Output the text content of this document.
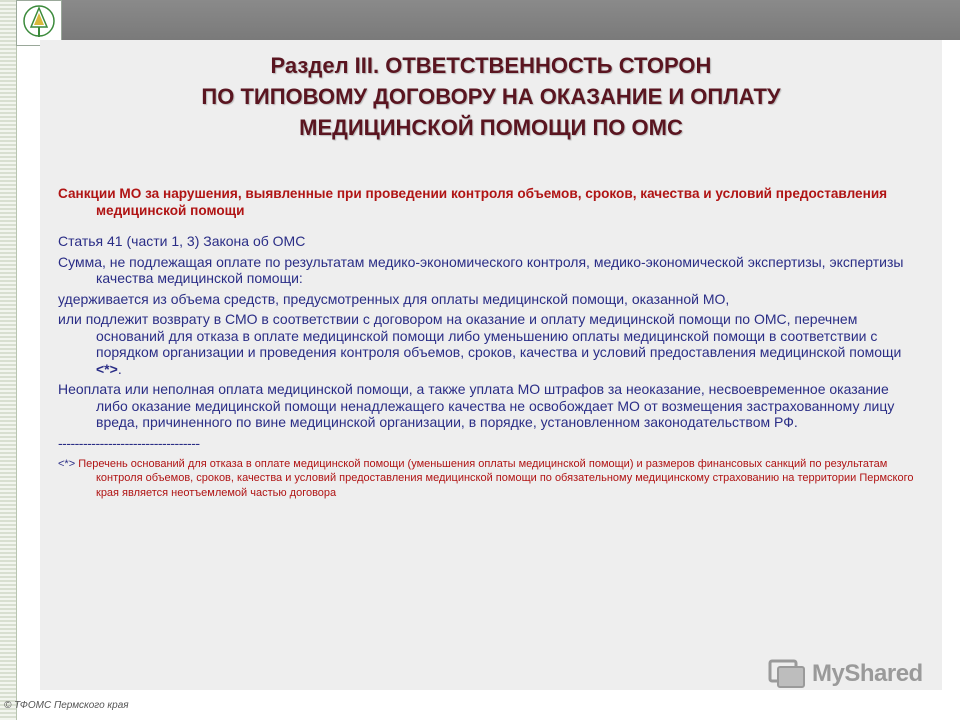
Раздел III. ОТВЕТСТВЕННОСТЬ СТОРОН
ПО ТИПОВОМУ ДОГОВОРУ НА ОКАЗАНИЕ И ОПЛАТУ
МЕДИЦИНСКОЙ ПОМОЩИ ПО ОМС

Санкции МО за нарушения, выявленные при проведении контроля объемов, сроков, качества и условий предоставления медицинской помощи

Статья 41 (части 1, 3) Закона об ОМС

Сумма, не подлежащая оплате по результатам медико-экономического контроля, медико-экономической экспертизы, экспертизы качества медицинской помощи:

удерживается из объема средств, предусмотренных для оплаты медицинской помощи, оказанной МО,

или подлежит возврату в СМО в соответствии с договором на оказание и оплату медицинской помощи по ОМС, перечнем оснований для отказа в оплате медицинской помощи либо уменьшению оплаты медицинской помощи в соответствии с порядком организации и проведения контроля объемов, сроков, качества и условий предоставления медицинской помощи <*>.

Неоплата или неполная оплата медицинской помощи, а также уплата МО штрафов за неоказание, несвоевременное оказание либо оказание медицинской помощи ненадлежащего качества не освобождает МО от возмещения застрахованному лицу вреда, причиненного по вине медицинской организации, в порядке, установленном законодательством РФ.

----------------------------------

<*> Перечень оснований для отказа в оплате медицинской помощи (уменьшения оплаты медицинской помощи) и размеров финансовых санкций по результатам контроля объемов, сроков, качества и условий предоставления медицинской помощи по обязательному медицинскому страхованию на территории Пермского края является неотъемлемой частью договора

MyShared
© ТФОМС Пермского края
